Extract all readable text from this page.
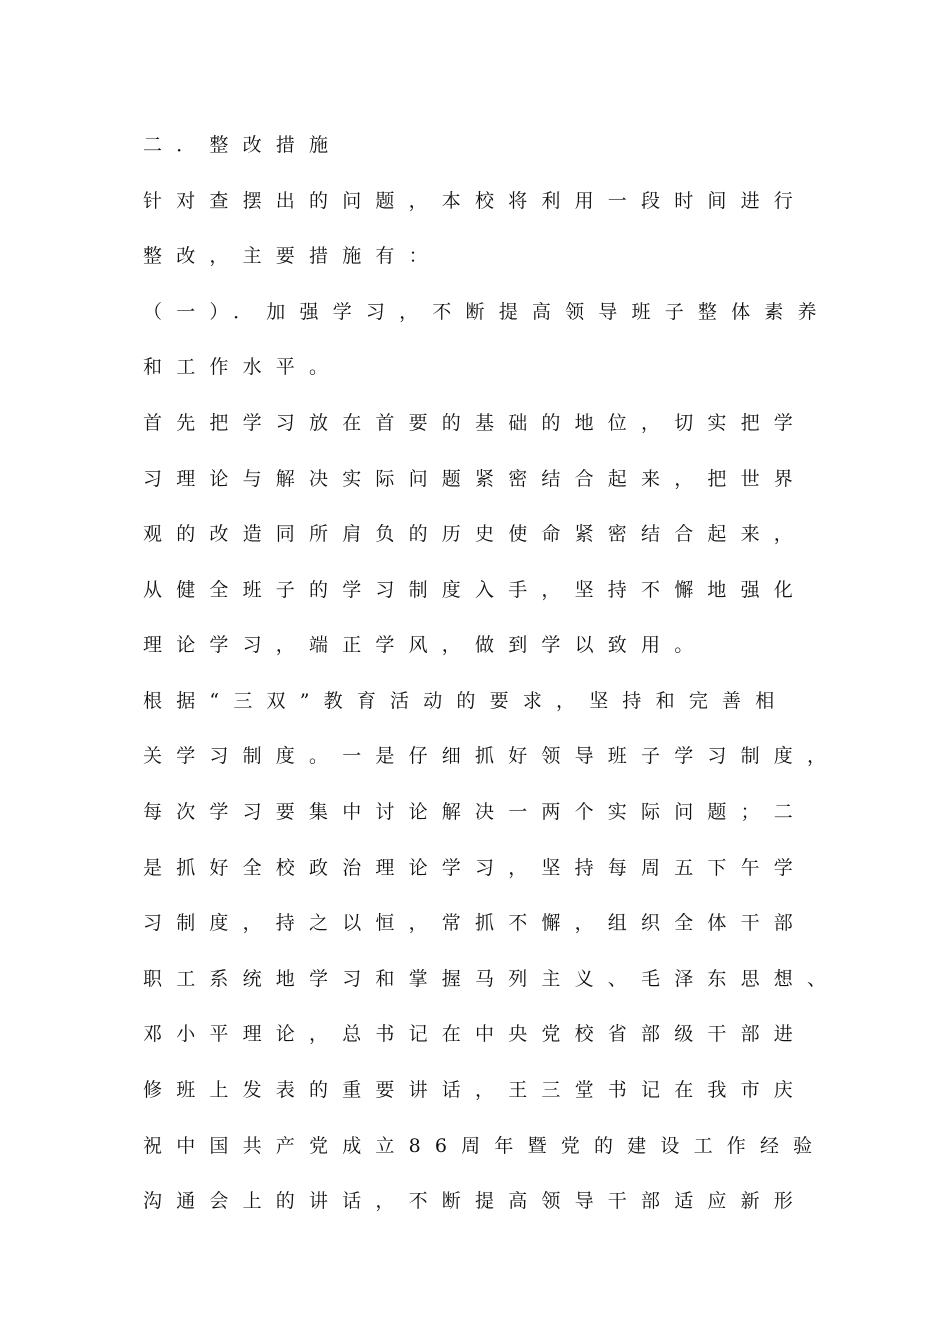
二．整改措施
针对查摆出的问题，本校将利用一段时间进行
整改，主要措施有：
（一）．加强学习，不断提高领导班子整体素养
和工作水平。
首先把学习放在首要的基础的地位，切实把学
习理论与解决实际问题紧密结合起来，把世界
观的改造同所肩负的历史使命紧密结合起来，
从健全班子的学习制度入手，坚持不懈地强化
理论学习，端正学风，做到学以致用。
根据“三双”教育活动的要求，坚持和完善相
关学习制度。一是仔细抓好领导班子学习制度，
每次学习要集中讨论解决一两个实际问题；二
是抓好全校政治理论学习，坚持每周五下午学
习制度，持之以恒，常抓不懈，组织全体干部
职工系统地学习和掌握马列主义、毛泽东思想、
邓小平理论，总书记在中央党校省部级干部进
修班上发表的重要讲话，王三堂书记在我市庆
祝中国共产党成立86周年暨党的建设工作经验
沟通会上的讲话，不断提高领导干部适应新形
